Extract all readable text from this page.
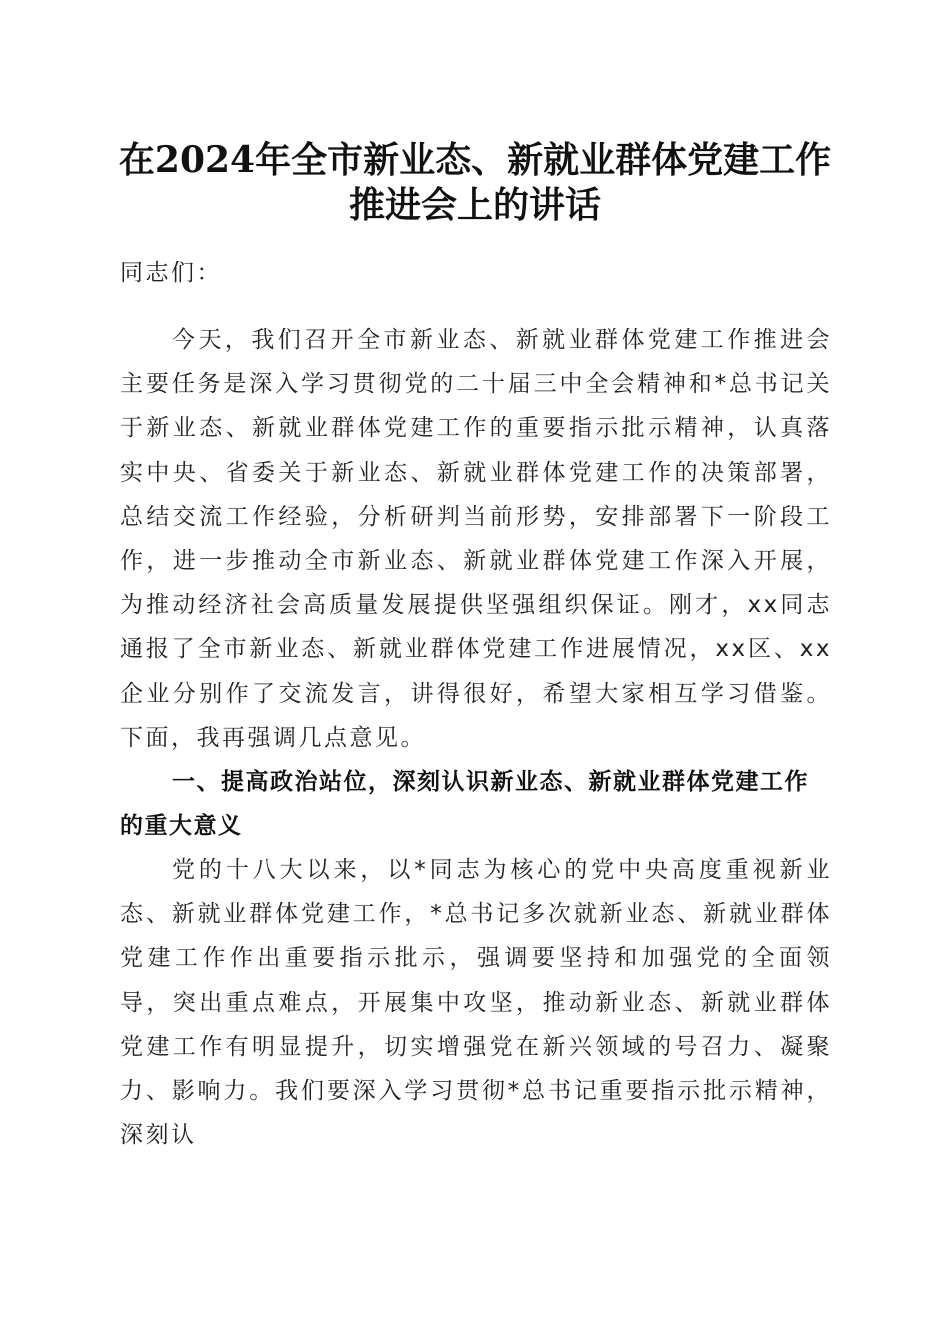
在2024年全市新业态、新就业群体党建工作
推进会上的讲话
同志们：
今天，我们召开全市新业态、新就业群体党建工作推进会主要任务是深入学习贯彻党的二十届三中全会精神和*总书记关于新业态、新就业群体党建工作的重要指示批示精神，认真落实中央、省委关于新业态、新就业群体党建工作的决策部署，总结交流工作经验，分析研判当前形势，安排部署下一阶段工作，进一步推动全市新业态、新就业群体党建工作深入开展，为推动经济社会高质量发展提供坚强组织保证。刚才，xx同志通报了全市新业态、新就业群体党建工作进展情况，xx区、xx企业分别作了交流发言，讲得很好，希望大家相互学习借鉴。下面，我再强调几点意见。
一、提高政治站位，深刻认识新业态、新就业群体党建工作的重大意义
党的十八大以来，以*同志为核心的党中央高度重视新业态、新就业群体党建工作，*总书记多次就新业态、新就业群体党建工作作出重要指示批示，强调要坚持和加强党的全面领导，突出重点难点，开展集中攻坚，推动新业态、新就业群体党建工作有明显提升，切实增强党在新兴领域的号召力、凝聚力、影响力。我们要深入学习贯彻*总书记重要指示批示精神，深刻认
